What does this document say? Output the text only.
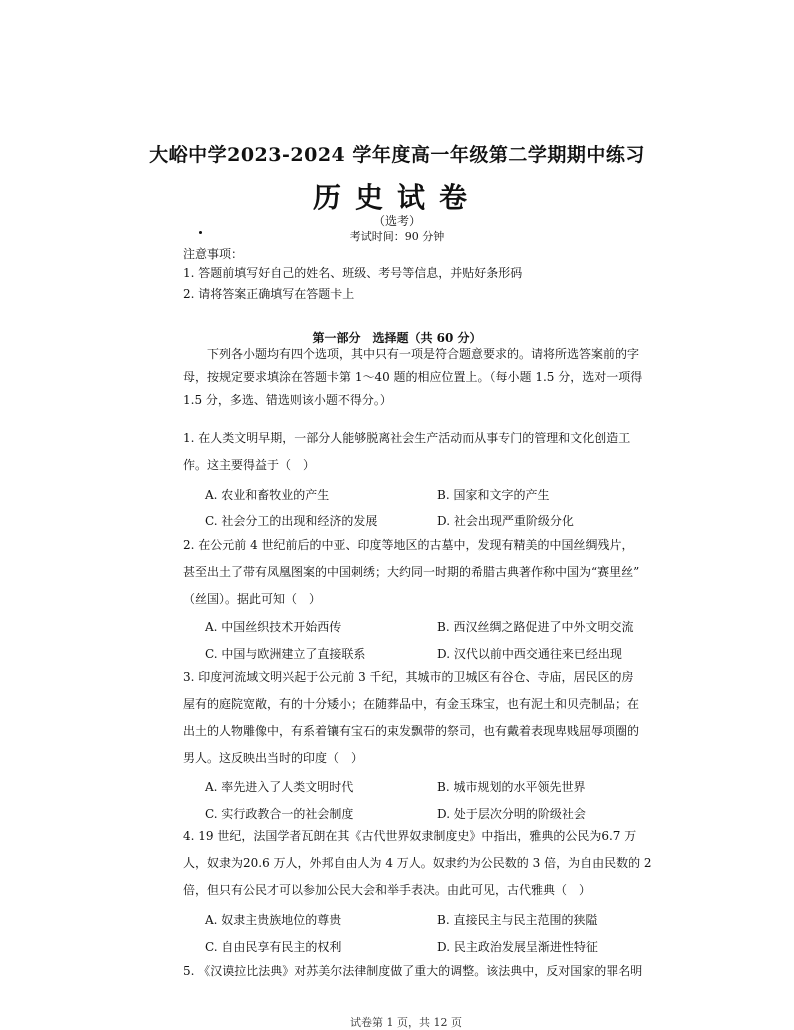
大峪中学2023-2024 学年度高一年级第二学期期中练习
历史试卷
（选考）
考试时间：90 分钟
注意事项：
1. 答题前填写好自己的姓名、班级、考号等信息，并贴好条形码
2. 请将答案正确填写在答题卡上
第一部分　选择题（共 60 分）
　　下列各小题均有四个选项，其中只有一项是符合题意要求的。请将所选答案前的字
母，按规定要求填涂在答题卡第 1～40 题的相应位置上。（每小题 1.5 分，选对一项得
1.5 分，多选、错选则该小题不得分。）
1. 在人类文明早期，一部分人能够脱离社会生产活动而从事专门的管理和文化创造工
作。这主要得益于（　）
A. 农业和畜牧业的产生	B. 国家和文字的产生
C. 社会分工的出现和经济的发展	D. 社会出现严重阶级分化
2. 在公元前 4 世纪前后的中亚、印度等地区的古墓中，发现有精美的中国丝绸残片，
甚至出土了带有凤凰图案的中国刺绣；大约同一时期的希腊古典著作称中国为“赛里丝”
（丝国）。据此可知（　）
A. 中国丝织技术开始西传	B. 西汉丝绸之路促进了中外文明交流
C. 中国与欧洲建立了直接联系	D. 汉代以前中西交通往来已经出现
3. 印度河流域文明兴起于公元前 3 千纪，其城市的卫城区有谷仓、寺庙，居民区的房
屋有的庭院宽敞，有的十分矮小；在随葬品中，有金玉珠宝，也有泥土和贝壳制品；在
出土的人物雕像中，有系着镶有宝石的束发飘带的祭司，也有戴着表现卑贱屈辱项圈的
男人。这反映出当时的印度（　）
A. 率先进入了人类文明时代	B. 城市规划的水平领先世界
C. 实行政教合一的社会制度	D. 处于层次分明的阶级社会
4. 19 世纪，法国学者瓦朗在其《古代世界奴隶制度史》中指出，雅典的公民为6.7 万
人，奴隶为20.6 万人，外邦自由人为 4 万人。奴隶约为公民数的 3 倍，为自由民数的 2
倍，但只有公民才可以参加公民大会和举手表决。由此可见，古代雅典（　）
A. 奴隶主贵族地位的尊贵	B. 直接民主与民主范围的狭隘
C. 自由民享有民主的权利	D. 民主政治发展呈渐进性特征
5. 《汉谟拉比法典》对苏美尔法律制度做了重大的调整。该法典中，反对国家的罪名明
试卷第 1 页，共 12 页
